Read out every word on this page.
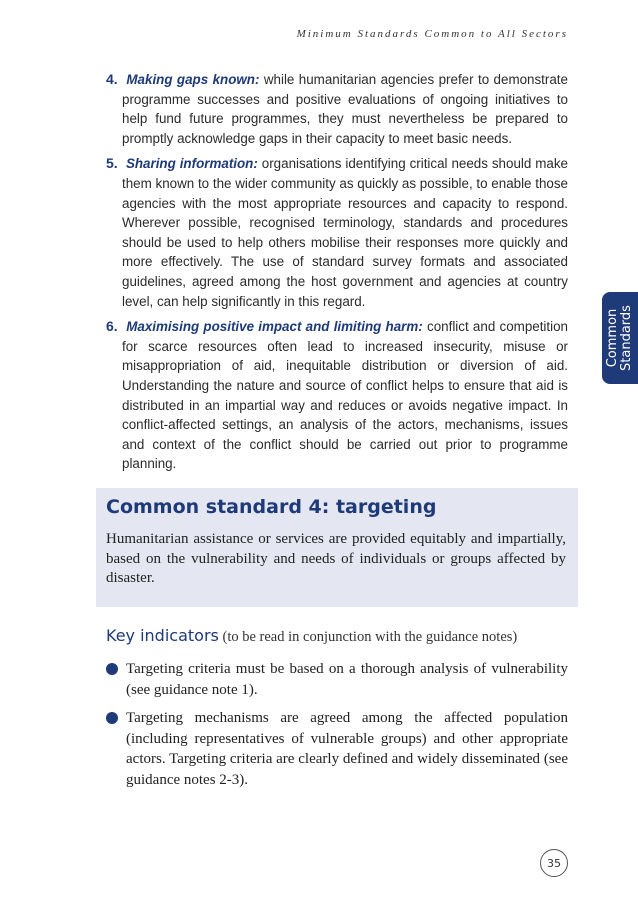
Minimum Standards Common to All Sectors
Common Standards
4. Making gaps known: while humanitarian agencies prefer to demonstrate programme successes and positive evaluations of ongoing initiatives to help fund future programmes, they must nevertheless be prepared to promptly acknowledge gaps in their capacity to meet basic needs.
5. Sharing information: organisations identifying critical needs should make them known to the wider community as quickly as possible, to enable those agencies with the most appropriate resources and capacity to respond. Wherever possible, recognised terminology, standards and procedures should be used to help others mobilise their responses more quickly and more effectively. The use of standard survey formats and associated guidelines, agreed among the host government and agencies at country level, can help significantly in this regard.
6. Maximising positive impact and limiting harm: conflict and competition for scarce resources often lead to increased insecurity, misuse or misappropriation of aid, inequitable distribution or diversion of aid. Understanding the nature and source of conflict helps to ensure that aid is distributed in an impartial way and reduces or avoids negative impact. In conflict-affected settings, an analysis of the actors, mechanisms, issues and context of the conflict should be carried out prior to programme planning.
Common standard 4: targeting
Humanitarian assistance or services are provided equitably and impartially, based on the vulnerability and needs of individuals or groups affected by disaster.
Key indicators (to be read in conjunction with the guidance notes)
Targeting criteria must be based on a thorough analysis of vulnerability (see guidance note 1).
Targeting mechanisms are agreed among the affected population (including representatives of vulnerable groups) and other appropriate actors. Targeting criteria are clearly defined and widely disseminated (see guidance notes 2-3).
35
